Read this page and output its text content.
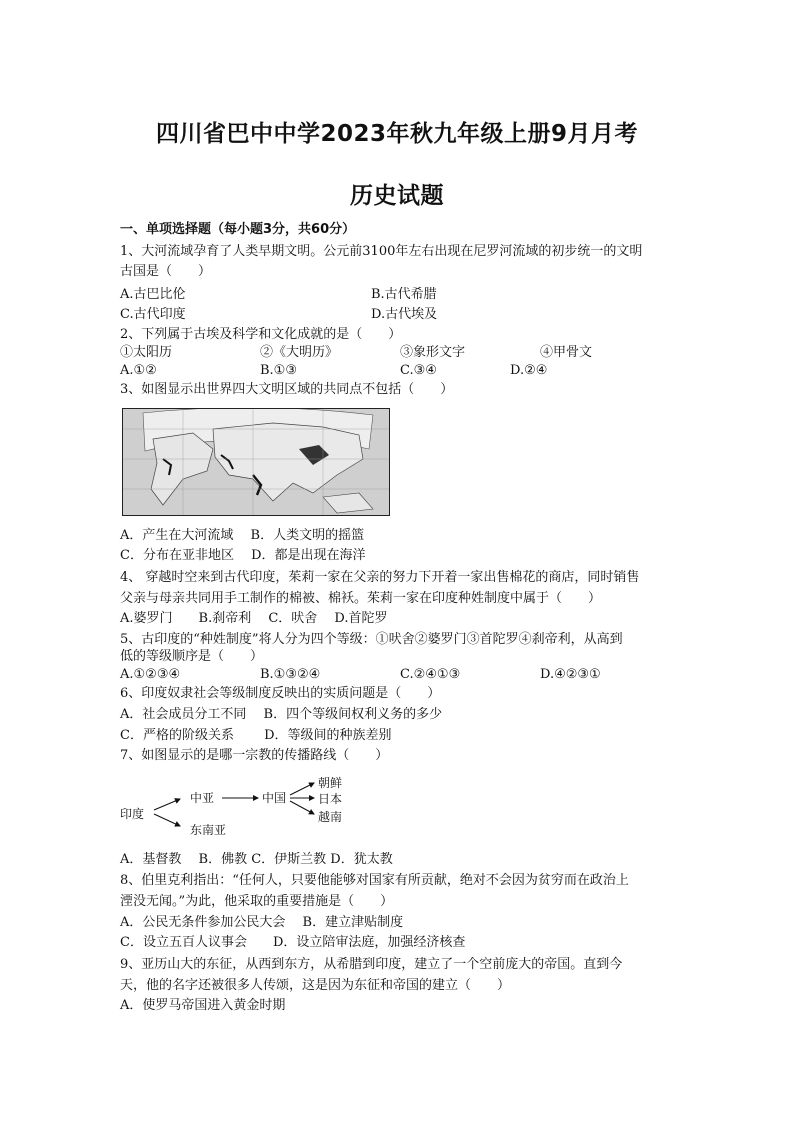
四川省巴中中学2023年秋九年级上册9月月考
历史试题
一、单项选择题（每小题3分，共60分）
1、大河流域孕育了人类早期文明。公元前3100年左右出现在尼罗河流域的初步统一的文明
古国是（　　）
A.古巴比伦	B.古代希腊
C.古代印度	D.古代埃及
2、下列属于古埃及科学和文化成就的是（　　）
①太阳历	②《大明历》	③象形文字	④甲骨文
A.①②	B.①③	C.③④	D.②④
3、如图显示出世界四大文明区域的共同点不包括（　　）
A．产生在大河流域　 B．人类文明的摇篮
C．分布在亚非地区　 D．都是出现在海洋
4、 穿越时空来到古代印度，茱莉一家在父亲的努力下开着一家出售棉花的商店，同时销售
父亲与母亲共同用手工制作的棉被、棉袄。茱莉一家在印度种姓制度中属于（　　）
A.婆罗门　　B.刹帝利　 C．吠舍　 D.首陀罗
5、古印度的“种姓制度”将人分为四个等级：①吠舍②婆罗门③首陀罗④刹帝利，从高到
低的等级顺序是（　　）
A.①②③④	B.①③②④	C.②④①③	D.④②③①
6、印度奴隶社会等级制度反映出的实质问题是（　　）
A．社会成员分工不同　 B．四个等级间权利义务的多少
C．严格的阶级关系　　 D．等级间的种族差别
7、如图显示的是哪一宗教的传播路线（　　）
印度
中亚
东南亚
中国
朝鲜
日本
越南
A．基督教　 B．佛教 C．伊斯兰教 D．犹太教
8、伯里克利指出：“任何人，只要他能够对国家有所贡献，绝对不会因为贫穷而在政治上
湮没无闻。”为此，他采取的重要措施是（　　）
A．公民无条件参加公民大会　 B．建立津贴制度
C．设立五百人议事会　　D．设立陪审法庭，加强经济核查
9、亚历山大的东征，从西到东方，从希腊到印度，建立了一个空前庞大的帝国。直到今
天，他的名字还被很多人传颂，这是因为东征和帝国的建立（　　）
A．使罗马帝国进入黄金时期
